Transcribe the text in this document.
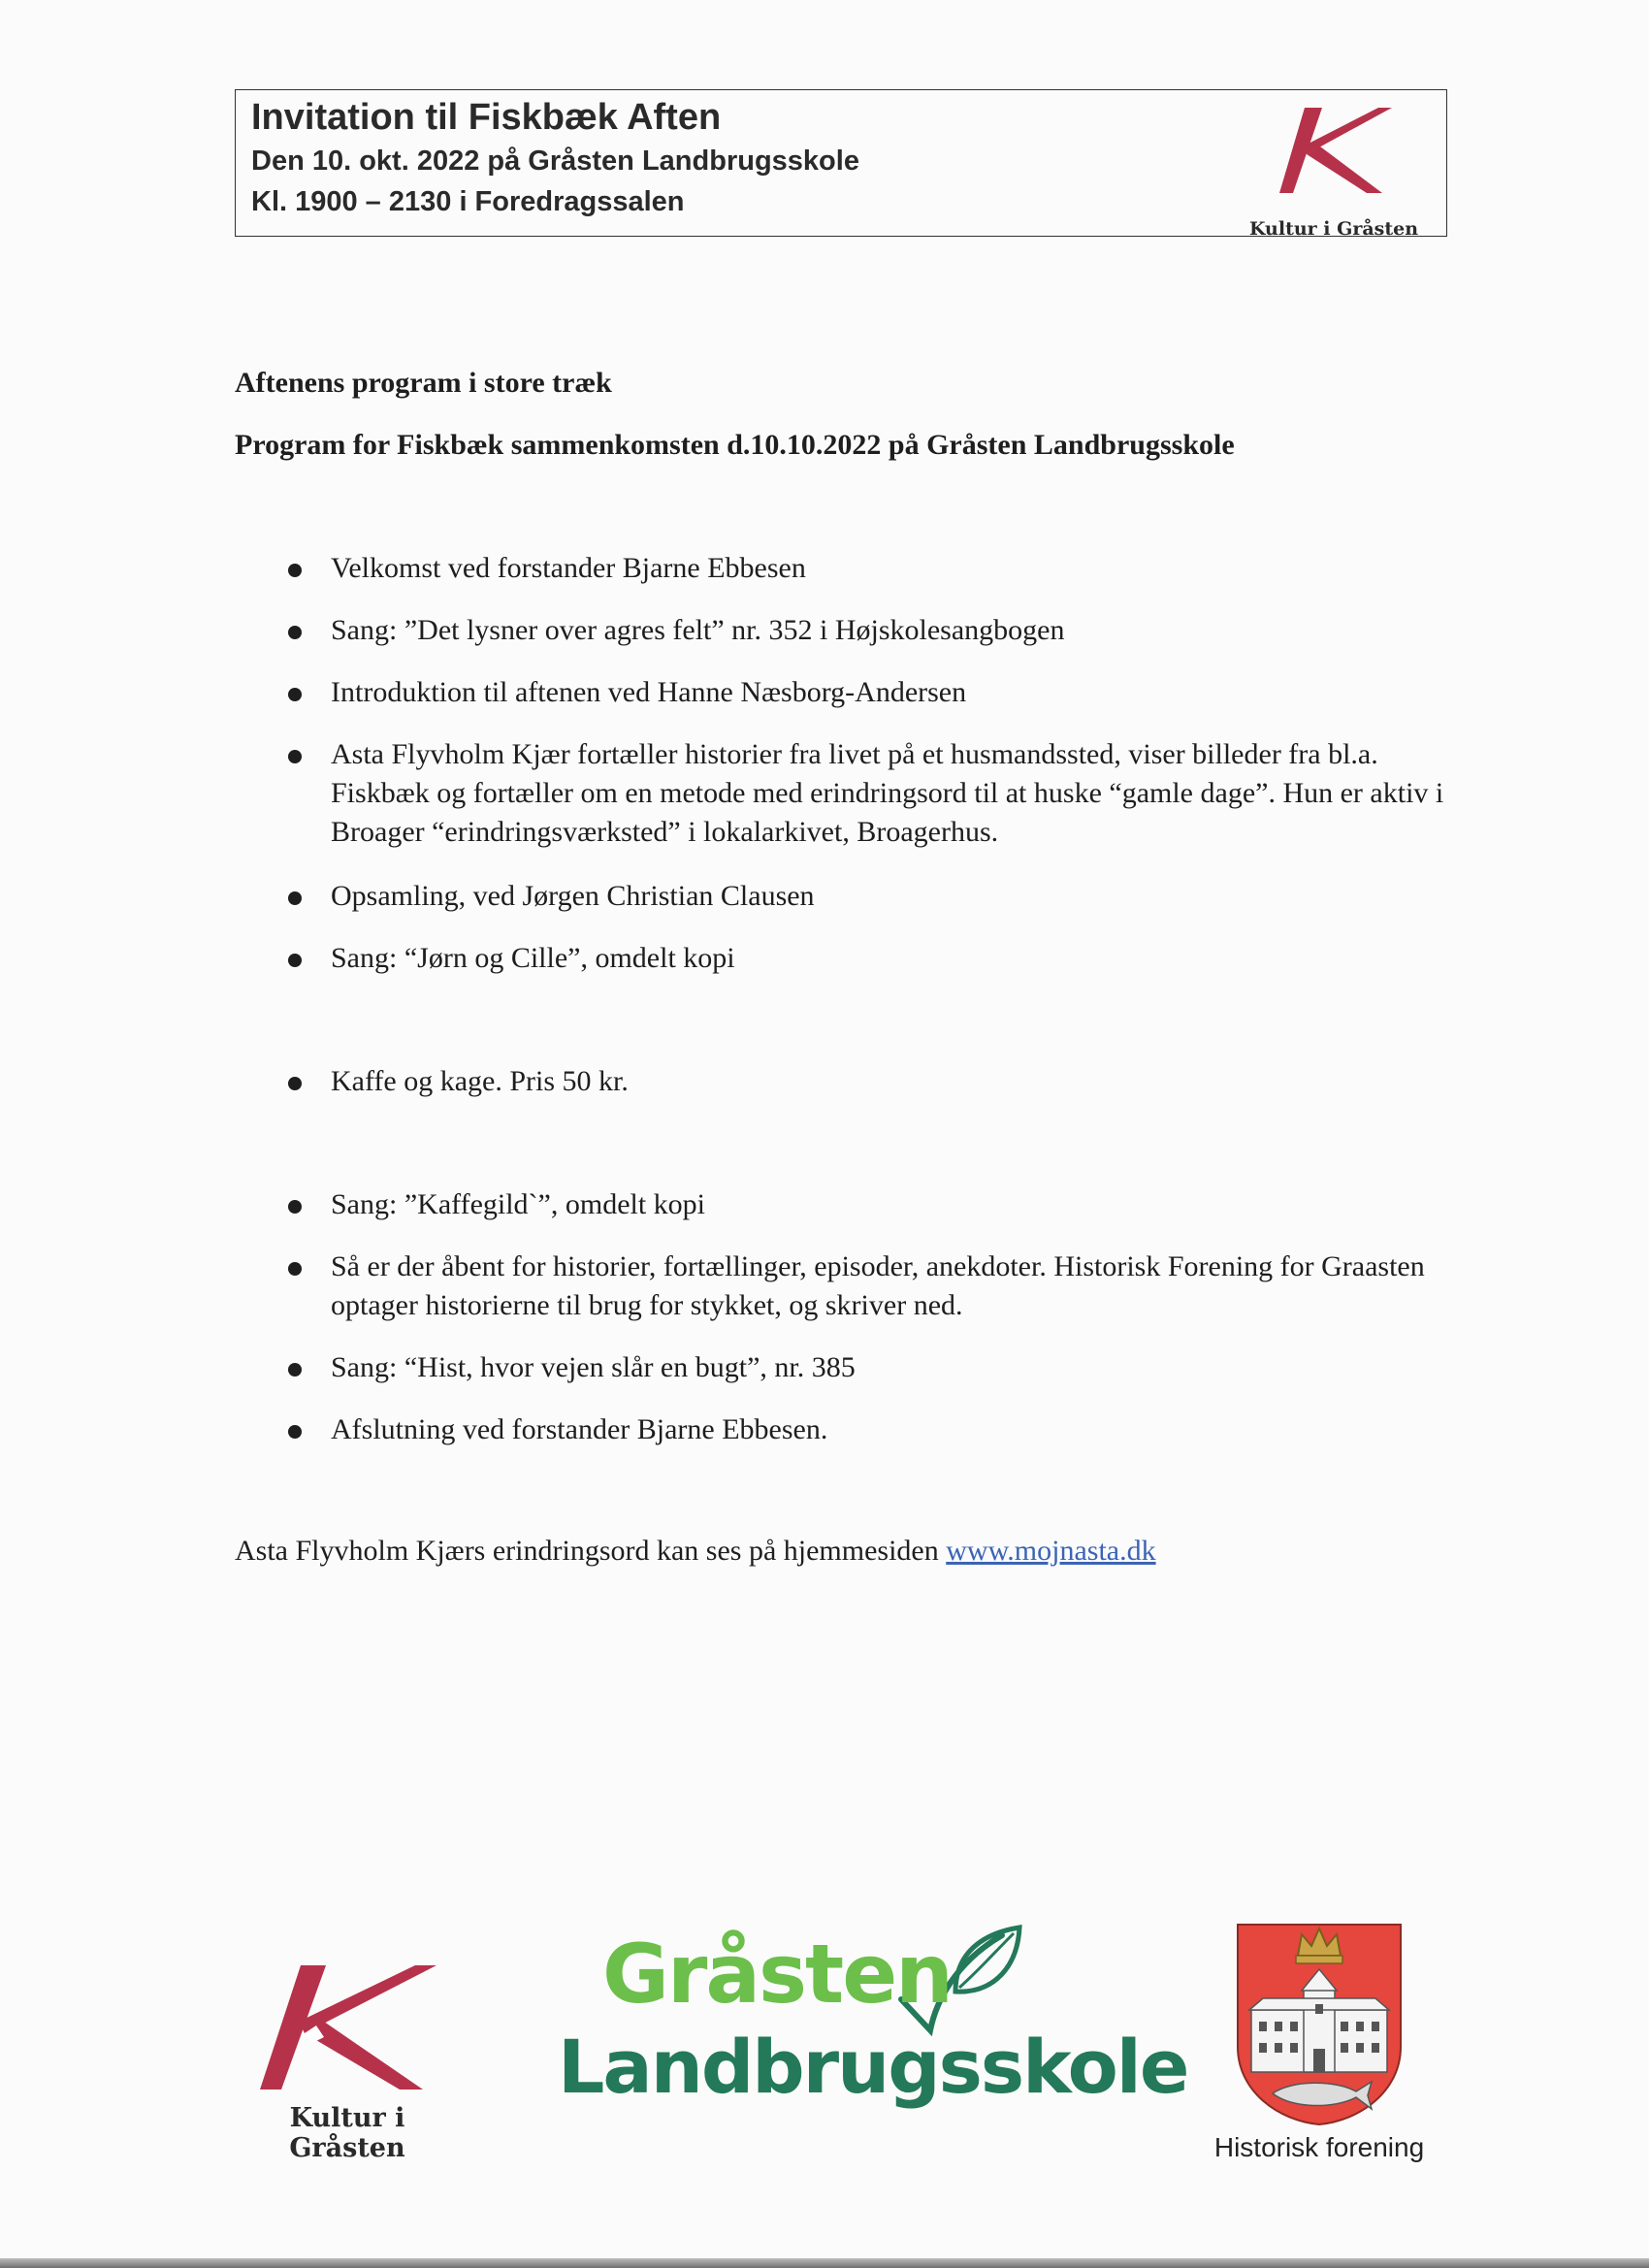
Invitation til Fiskbæk Aften
Den 10. okt. 2022 på Gråsten Landbrugsskole
Kl. 1900 – 2130 i Foredragssalen
Kultur i Gråsten
Aftenens program i store træk
Program for Fiskbæk sammenkomsten d.10.10.2022 på Gråsten Landbrugsskole
Velkomst ved forstander Bjarne Ebbesen
Sang: ”Det lysner over agres felt” nr. 352 i Højskolesangbogen
Introduktion til aftenen ved Hanne Næsborg-Andersen
Asta Flyvholm Kjær fortæller historier fra livet på et husmandssted, viser billeder fra bl.a. Fiskbæk og fortæller om en metode med erindringsord til at huske “gamle dage”. Hun er aktiv i Broager “erindringsværksted” i lokalarkivet, Broagerhus.
Opsamling, ved Jørgen Christian Clausen
Sang: “Jørn og Cille”, omdelt kopi
Kaffe og kage. Pris 50 kr.
Sang: ”Kaffegild`”, omdelt kopi
Så er der åbent for historier, fortællinger, episoder, anekdoter. Historisk Forening for Graasten optager historierne til brug for stykket, og skriver ned.
Sang: “Hist, hvor vejen slår en bugt”, nr. 385
Afslutning ved forstander Bjarne Ebbesen.
Asta Flyvholm Kjærs erindringsord kan ses på hjemmesiden www.mojnasta.dk
Kultur i Gråsten
Gråsten
Landbrugsskole
Historisk forening
